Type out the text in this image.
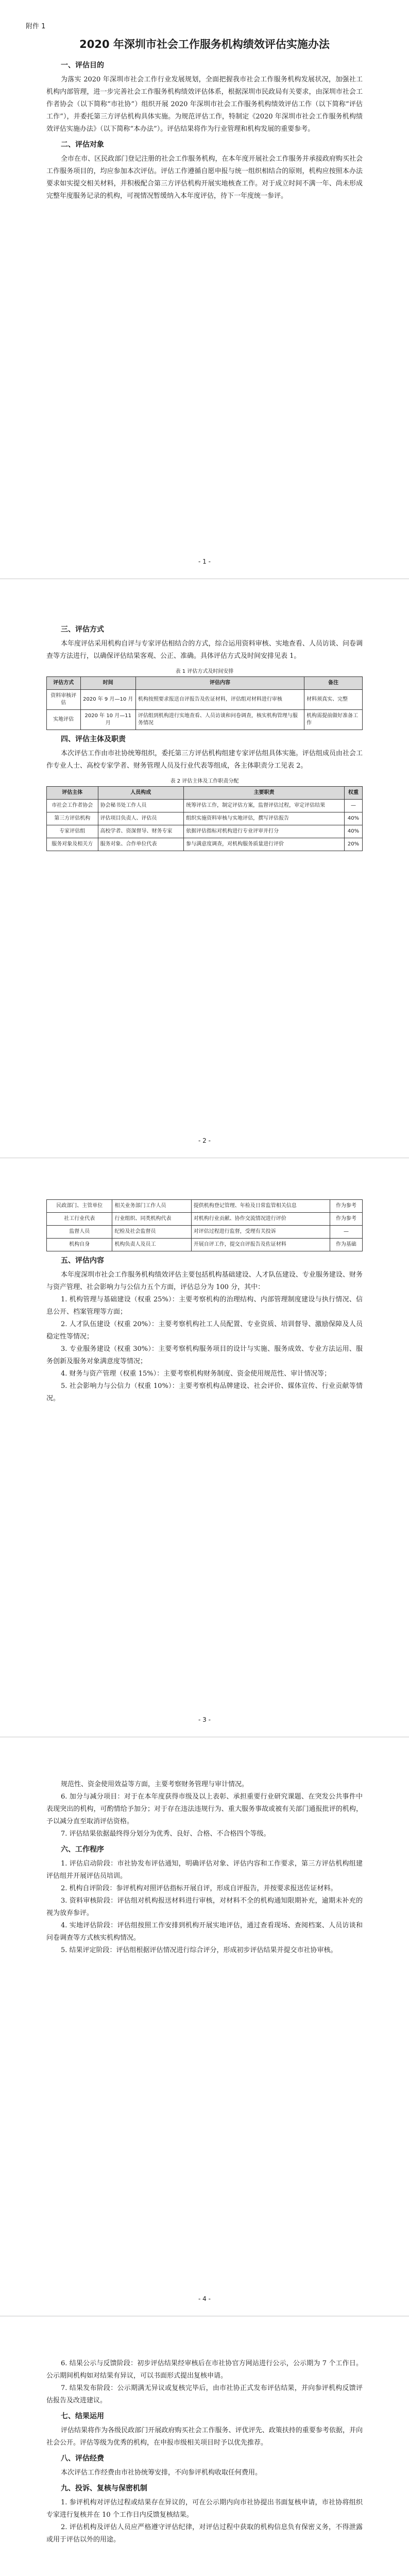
附件 1
2020 年深圳市社会工作服务机构绩效评估实施办法
一、评估目的

为落实 2020 年深圳市社会工作行业发展规划，全面把握我市社会工作服务机构发展状况，加强社工机构内部管理，进一步完善社会工作服务机构绩效评估体系，根据深圳市民政局有关要求，由深圳市社会工作者协会（以下简称“市社协”）组织开展 2020 年深圳市社会工作服务机构绩效评估工作（以下简称“评估工作”），并委托第三方评估机构具体实施。为规范评估工作，特制定《2020 年深圳市社会工作服务机构绩效评估实施办法》（以下简称“本办法”）。评估结果将作为行业管理和机构发展的重要参考。

二、评估对象

全市在市、区民政部门登记注册的社会工作服务机构，在本年度开展社会工作服务并承接政府购买社会工作服务项目的，均应参加本次评估。评估工作遵循自愿申报与统一组织相结合的原则，机构应按照本办法要求如实提交相关材料，并积极配合第三方评估机构开展实地核查工作。对于成立时间不满一年、尚未形成完整年度服务记录的机构，可视情况暂缓纳入本年度评估，待下一年度统一参评。

- 1 -
三、评估方式

本年度评估采用机构自评与专家评估相结合的方式，综合运用资料审核、实地查看、人员访谈、问卷调查等方法进行，以确保评估结果客观、公正、准确。具体评估方式及时间安排见表 1。

表 1 评估方式及时间安排
评估方式	时间	评估内容	备注
资料审核评估	2020 年 9 月—10 月	机构按照要求报送自评报告及佐证材料，评估组对材料进行审核	材料须真实、完整
实地评估	2020 年 10 月—11 月	评估组到机构进行实地查看、人员访谈和问卷调查，核实机构管理与服务情况	机构需提前做好准备工作
四、评估主体及职责

本次评估工作由市社协统筹组织，委托第三方评估机构组建专家评估组具体实施。评估组成员由社会工作专业人士、高校专家学者、财务管理人员及行业代表等组成，各主体职责分工见表 2。

表 2 评估主体及工作职责分配
评估主体	人员构成	主要职责	权重
市社会工作者协会	协会秘书处工作人员	统筹评估工作，制定评估方案，监督评估过程，审定评估结果	—
第三方评估机构	评估项目负责人、评估员	组织实施资料审核与实地评估，撰写评估报告	40%
专家评估组	高校学者、资深督导、财务专家	依据评估指标对机构进行专业评审并打分	40%
服务对象及相关方	服务对象、合作单位代表	参与满意度调查，对机构服务质量进行评价	20%
- 2 -
民政部门、主管单位	相关业务部门工作人员	提供机构登记管理、年检及日常监管相关信息	作为参考
社工行业代表	行业组织、同类机构代表	对机构行业贡献、协作交流情况进行评价	作为参考
监督人员	纪检及社会监督员	对评估过程进行监督，受理有关投诉	—
机构自身	机构负责人及员工	开展自评工作，提交自评报告及佐证材料	作为基础
五、评估内容

本年度深圳市社会工作服务机构绩效评估主要包括机构基础建设、人才队伍建设、专业服务建设、财务与资产管理、社会影响力与公信力五个方面，评估总分为 100 分，其中：

1. 机构管理与基础建设（权重 25%）：主要考察机构的治理结构、内部管理制度建设与执行情况、信息公开、档案管理等方面；

2. 人才队伍建设（权重 20%）：主要考察机构社工人员配置、专业资质、培训督导、激励保障及人员稳定性等情况；

3. 专业服务建设（权重 30%）：主要考察机构服务项目的设计与实施、服务成效、专业方法运用、服务创新及服务对象满意度等情况；

4. 财务与资产管理（权重 15%）：主要考察机构财务制度、资金使用规范性、审计情况等；

5. 社会影响力与公信力（权重 10%）：主要考察机构品牌建设、社会评价、媒体宣传、行业贡献等情况。

- 3 -

规范性、资金使用效益等方面，主要考察财务管理与审计情况。

6. 加分与减分项目：对于在本年度获得市级及以上表彰、承担重要行业研究课题、在突发公共事件中表现突出的机构，可酌情给予加分；对于存在违法违规行为、重大服务事故或被有关部门通报批评的机构，予以减分直至取消评估资格。

7. 评估结果依据最终得分划分为优秀、良好、合格、不合格四个等级。

六、工作程序

1. 评估启动阶段：市社协发布评估通知，明确评估对象、评估内容和工作要求，第三方评估机构组建评估组并开展评估员培训。

2. 机构自评阶段：参评机构对照评估指标开展自评，形成自评报告，并按要求报送佐证材料。

3. 资料审核阶段：评估组对机构报送材料进行审核，对材料不全的机构通知限期补充，逾期未补充的视为放弃参评。

4. 实地评估阶段：评估组按照工作安排到机构开展实地评估，通过查看现场、查阅档案、人员访谈和问卷调查等方式核实机构情况。

5. 结果评定阶段：评估组根据评估情况进行综合评分，形成初步评估结果并提交市社协审核。

- 4 -

6. 结果公示与反馈阶段：初步评估结果经审核后在市社协官方网站进行公示，公示期为 7 个工作日。公示期间机构如对结果有异议，可以书面形式提出复核申请。

7. 结果发布阶段：公示期满无异议或复核完毕后，由市社协正式发布评估结果，并向参评机构反馈评估报告及改进建议。

七、结果运用

评估结果将作为各级民政部门开展政府购买社会工作服务、评优评先、政策扶持的重要参考依据，并向社会公开。评估等级为优秀的机构，在申报市级相关项目时予以优先推荐。

八、评估经费

本次评估工作经费由市社协统筹安排，不向参评机构收取任何费用。

九、投诉、复核与保密机制

1. 参评机构对评估过程或结果存在异议的，可在公示期内向市社协提出书面复核申请，市社协将组织专家进行复核并在 10 个工作日内反馈复核结果。

2. 评估机构及评估人员应严格遵守评估纪律，对评估过程中获取的机构信息负有保密义务，不得泄露或用于评估以外的用途。
